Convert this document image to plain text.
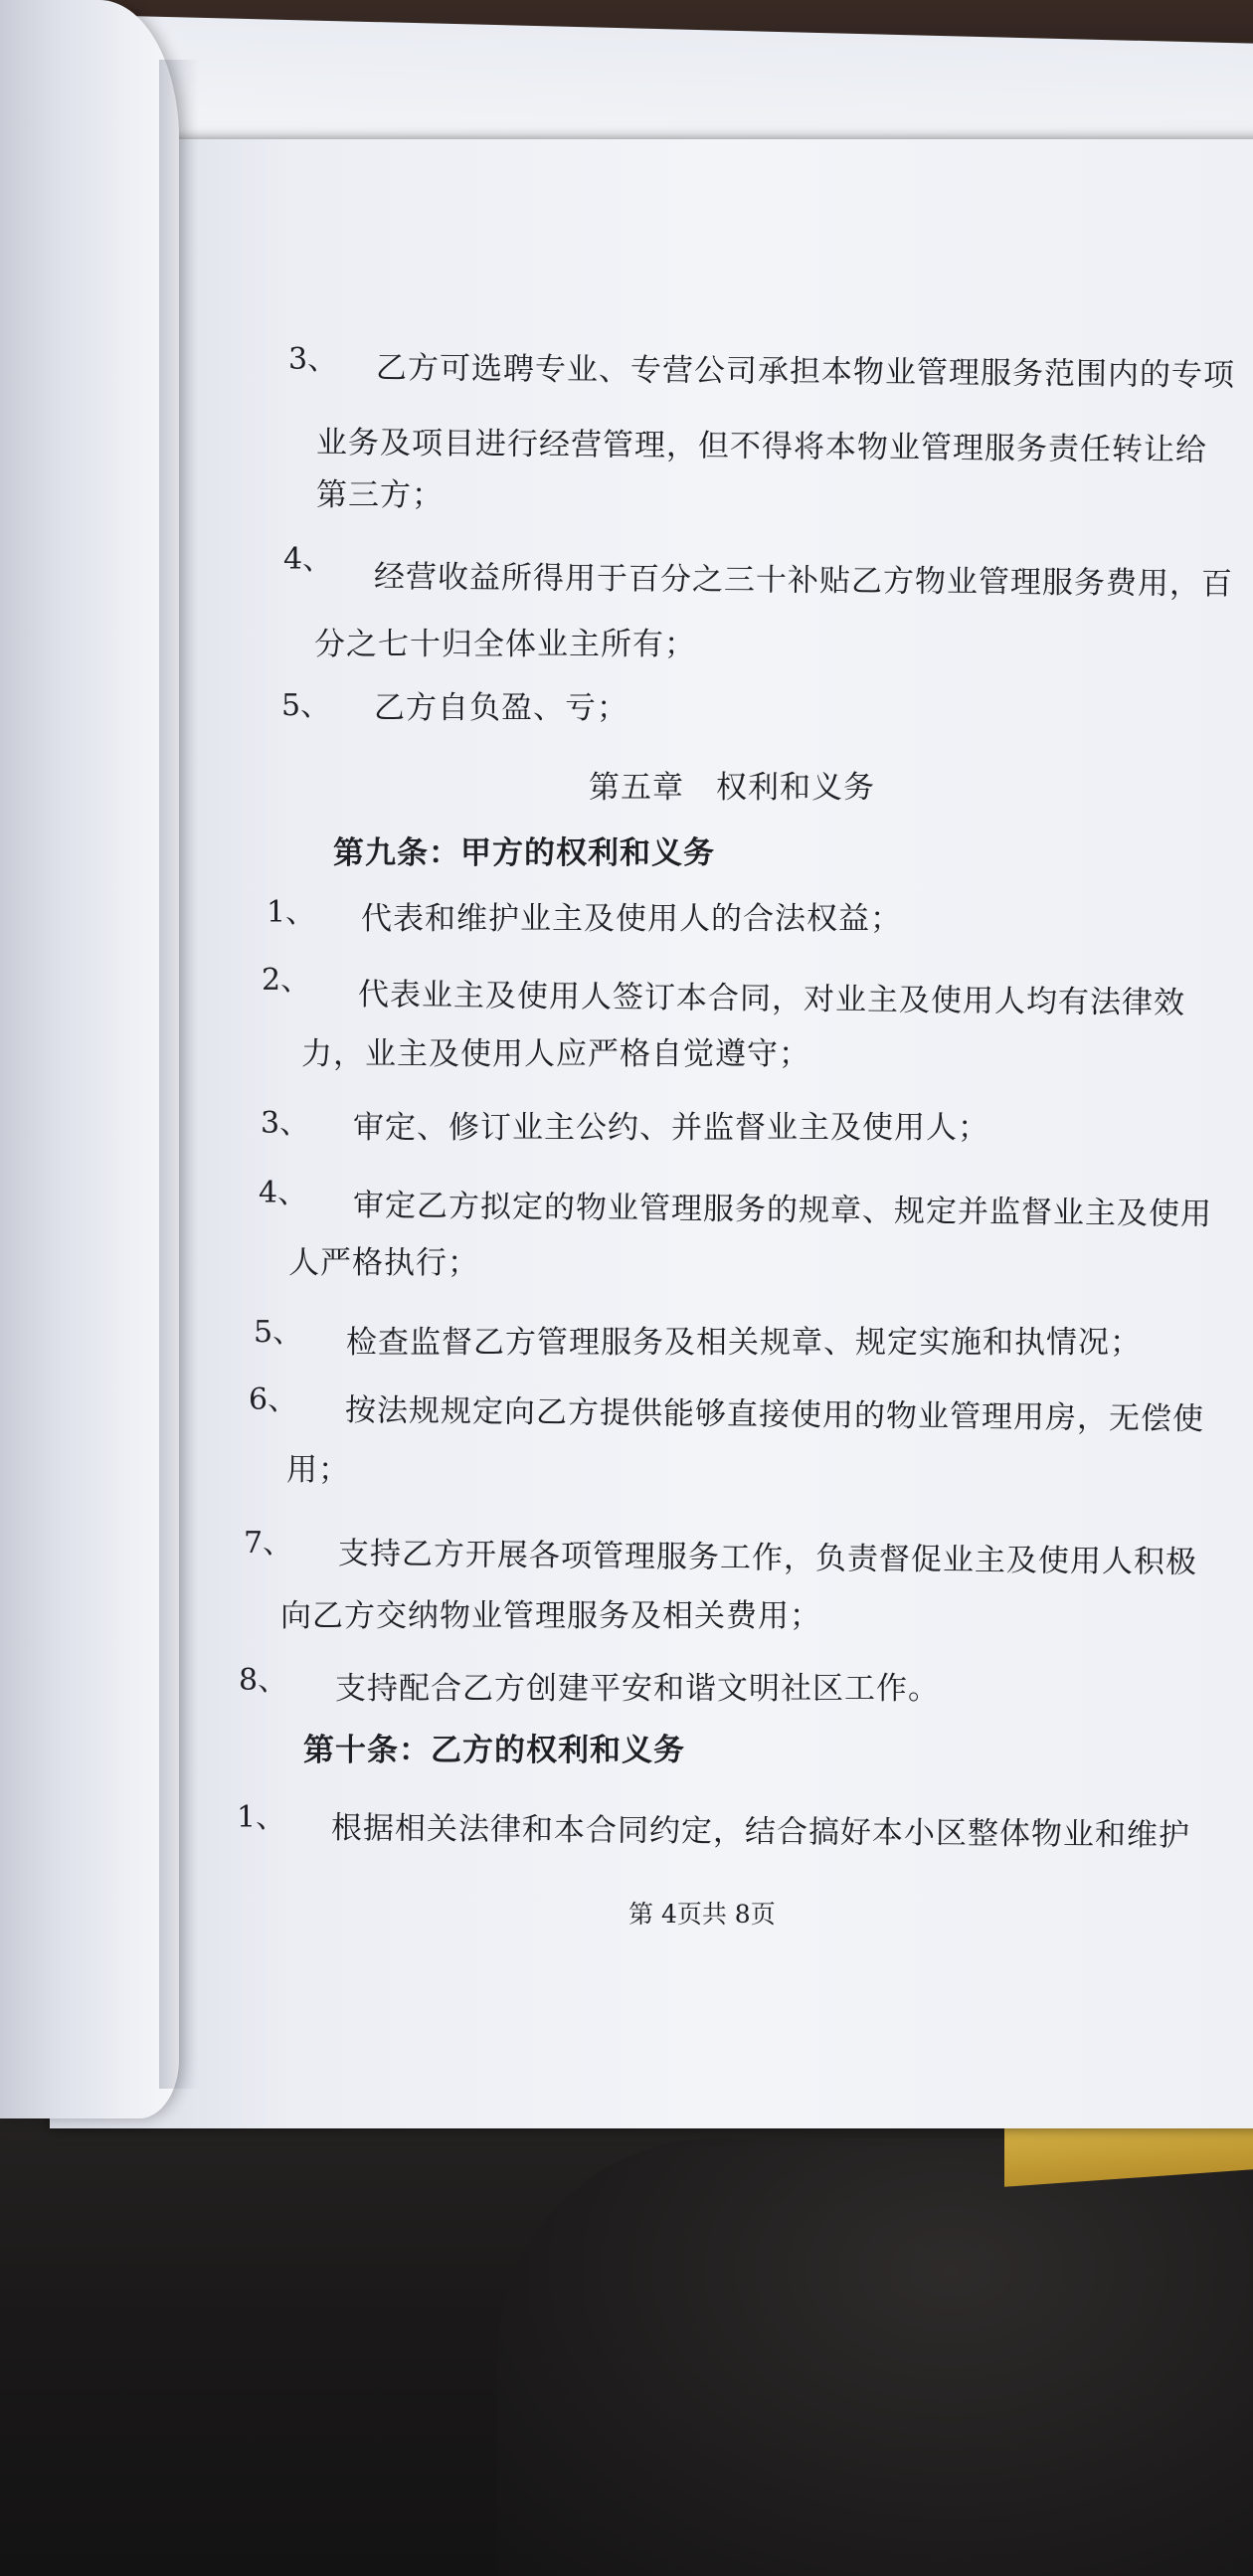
3、 乙方可选聘专业、专营公司承担本物业管理服务范围内的专项
业务及项目进行经营管理，但不得将本物业管理服务责任转让给
第三方；
4、 经营收益所得用于百分之三十补贴乙方物业管理服务费用，百
分之七十归全体业主所有；
5、 乙方自负盈、亏；
第五章　权利和义务
第九条：甲方的权利和义务
1、 代表和维护业主及使用人的合法权益；
2、 代表业主及使用人签订本合同，对业主及使用人均有法律效
力，业主及使用人应严格自觉遵守；
3、 审定、修订业主公约、并监督业主及使用人；
4、 审定乙方拟定的物业管理服务的规章、规定并监督业主及使用
人严格执行；
5、 检查监督乙方管理服务及相关规章、规定实施和执情况；
6、 按法规规定向乙方提供能够直接使用的物业管理用房，无偿使
用；
7、 支持乙方开展各项管理服务工作，负责督促业主及使用人积极
向乙方交纳物业管理服务及相关费用；
8、 支持配合乙方创建平安和谐文明社区工作。
第十条：乙方的权利和义务
1、 根据相关法律和本合同约定，结合搞好本小区整体物业和维护
第 4页共 8页
